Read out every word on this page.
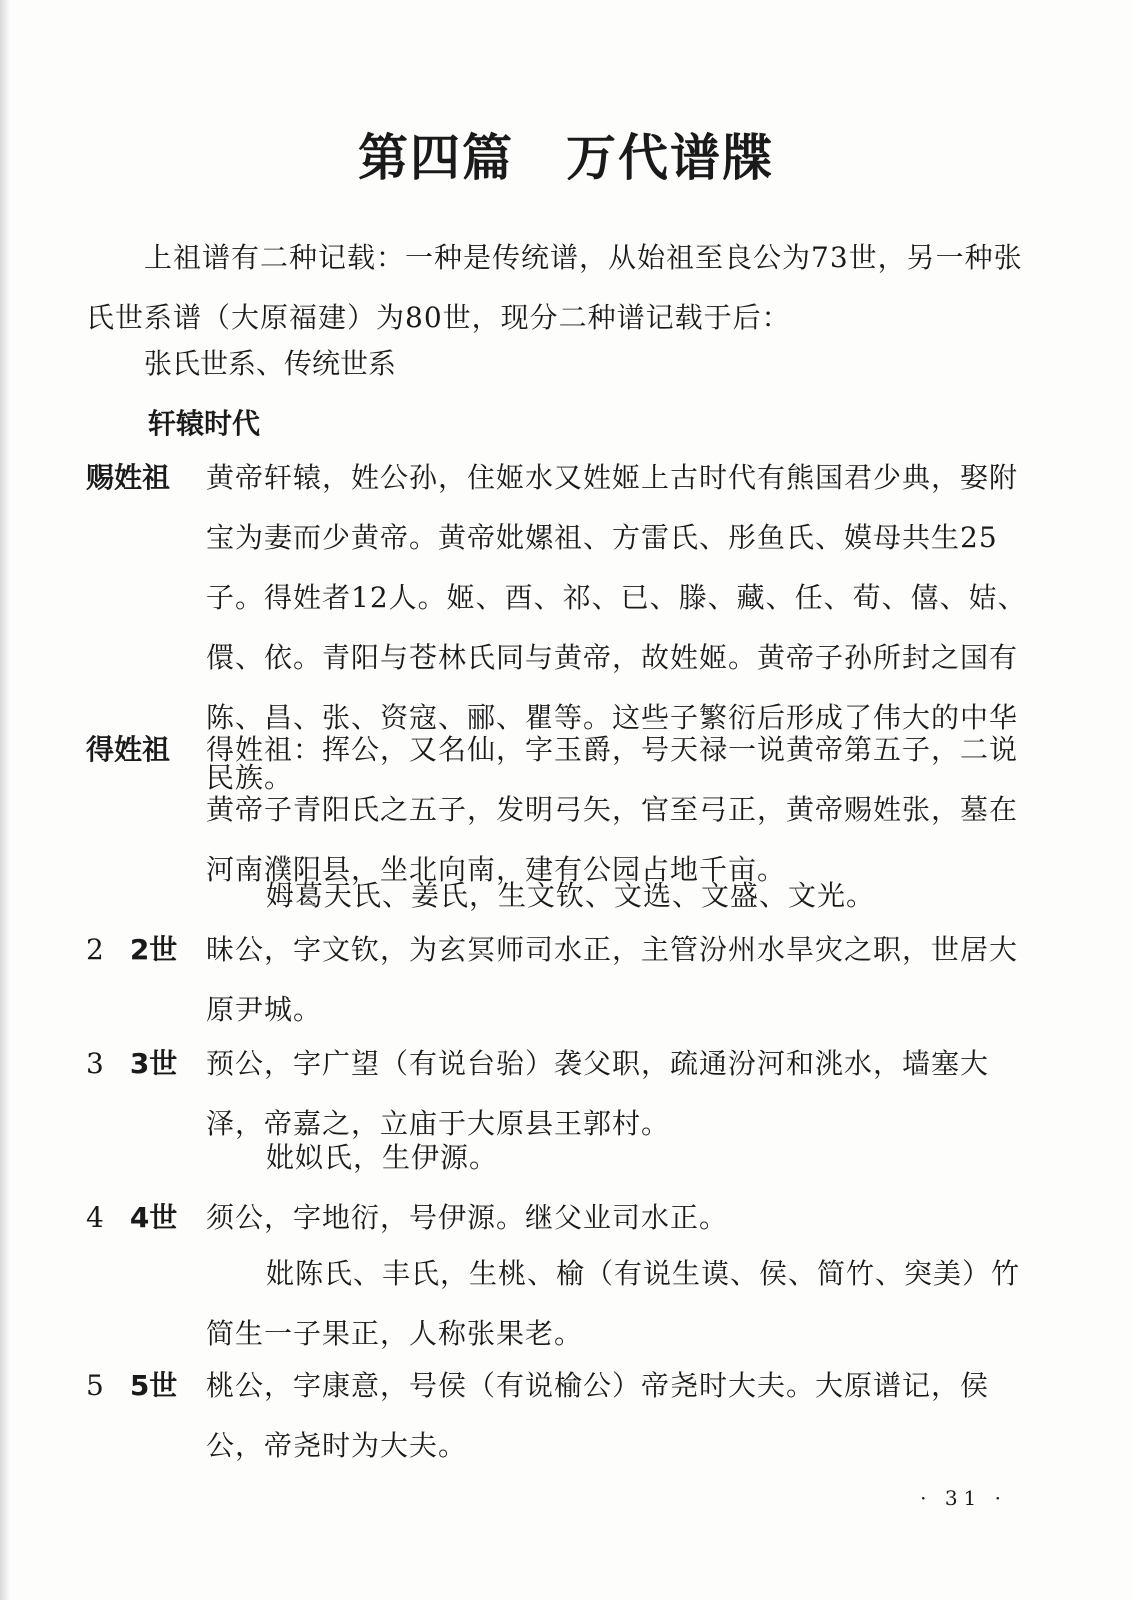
第四篇　万代谱牒
上祖谱有二种记载：一种是传统谱，从始祖至良公为73世，另一种张氏世系谱（大原福建）为80世，现分二种谱记载于后：
张氏世系、传统世系
轩辕时代
赐姓祖 黄帝轩辕，姓公孙，住姬水又姓姬上古时代有熊国君少典，娶附宝为妻而少黄帝。黄帝妣嫘祖、方雷氏、彤鱼氏、嫫母共生25子。得姓者12人。姬、酉、祁、已、滕、藏、任、荀、僖、姞、儇、依。青阳与苍林氏同与黄帝，故姓姬。黄帝子孙所封之国有陈、昌、张、资寇、郦、瞿等。这些子繁衍后形成了伟大的中华民族。
得姓祖 得姓祖：挥公，又名仙，字玉爵，号天禄一说黄帝第五子，二说黄帝子青阳氏之五子，发明弓矢，官至弓正，黄帝赐姓张，墓在河南濮阳县，坐北向南，建有公园占地千亩。
姆葛天氏、姜氏，生文钦、文选、文盛、文光。
2 2世 昧公，字文钦，为玄冥师司水正，主管汾州水旱灾之职，世居大原尹城。
3 3世 预公，字广望（有说台骀）袭父职，疏通汾河和洮水，墙塞大泽，帝嘉之，立庙于大原县王郭村。
妣姒氏，生伊源。
4 4世 须公，字地衍，号伊源。继父业司水正。
妣陈氏、丰氏，生桃、榆（有说生谟、侯、简竹、突美）竹简生一子果正，人称张果老。
5 5世 桃公，字康意，号侯（有说榆公）帝尧时大夫。大原谱记，侯公，帝尧时为大夫。
· 31 ·
